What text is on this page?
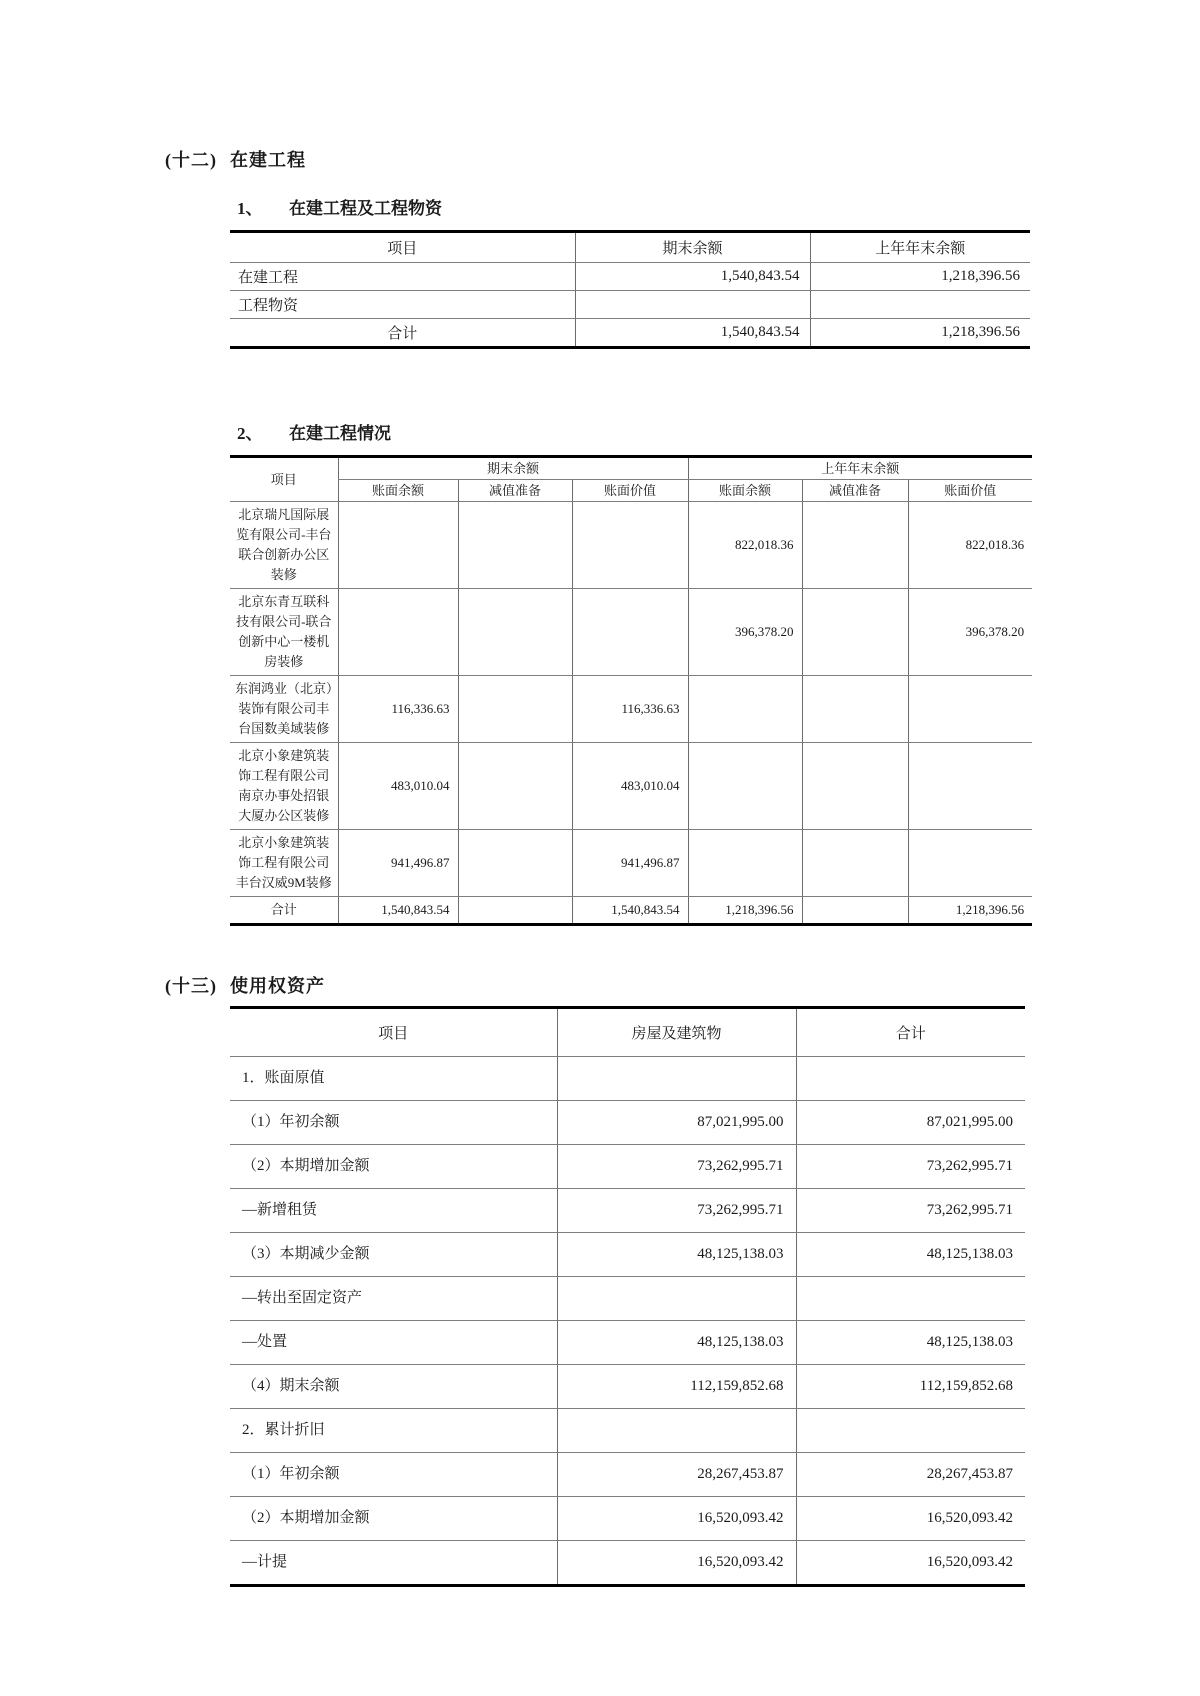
(十二) 在建工程
1、 在建工程及工程物资
项目	期末余额	上年年末余额
在建工程	1,540,843.54	1,218,396.56
工程物资		
合计	1,540,843.54	1,218,396.56
2、 在建工程情况
项目	期末余额			上年年末余额		
	账面余额	减值准备	账面价值	账面余额	减值准备	账面价值
北京瑞凡国际展览有限公司-丰台联合创新办公区装修				822,018.36		822,018.36
北京东青互联科技有限公司-联合创新中心一楼机房装修				396,378.20		396,378.20
东润鸿业（北京）装饰有限公司丰台国数美域装修	116,336.63		116,336.63			
北京小象建筑装饰工程有限公司南京办事处招银大厦办公区装修	483,010.04		483,010.04			
北京小象建筑装饰工程有限公司丰台汉威9M装修	941,496.87		941,496.87			
合计	1,540,843.54		1,540,843.54	1,218,396.56		1,218,396.56
(十三) 使用权资产
项目	房屋及建筑物	合计
1．账面原值		
（1）年初余额	87,021,995.00	87,021,995.00
（2）本期增加金额	73,262,995.71	73,262,995.71
—新增租赁	73,262,995.71	73,262,995.71
（3）本期减少金额	48,125,138.03	48,125,138.03
—转出至固定资产		
—处置	48,125,138.03	48,125,138.03
（4）期末余额	112,159,852.68	112,159,852.68
2．累计折旧		
（1）年初余额	28,267,453.87	28,267,453.87
（2）本期增加金额	16,520,093.42	16,520,093.42
—计提	16,520,093.42	16,520,093.42
